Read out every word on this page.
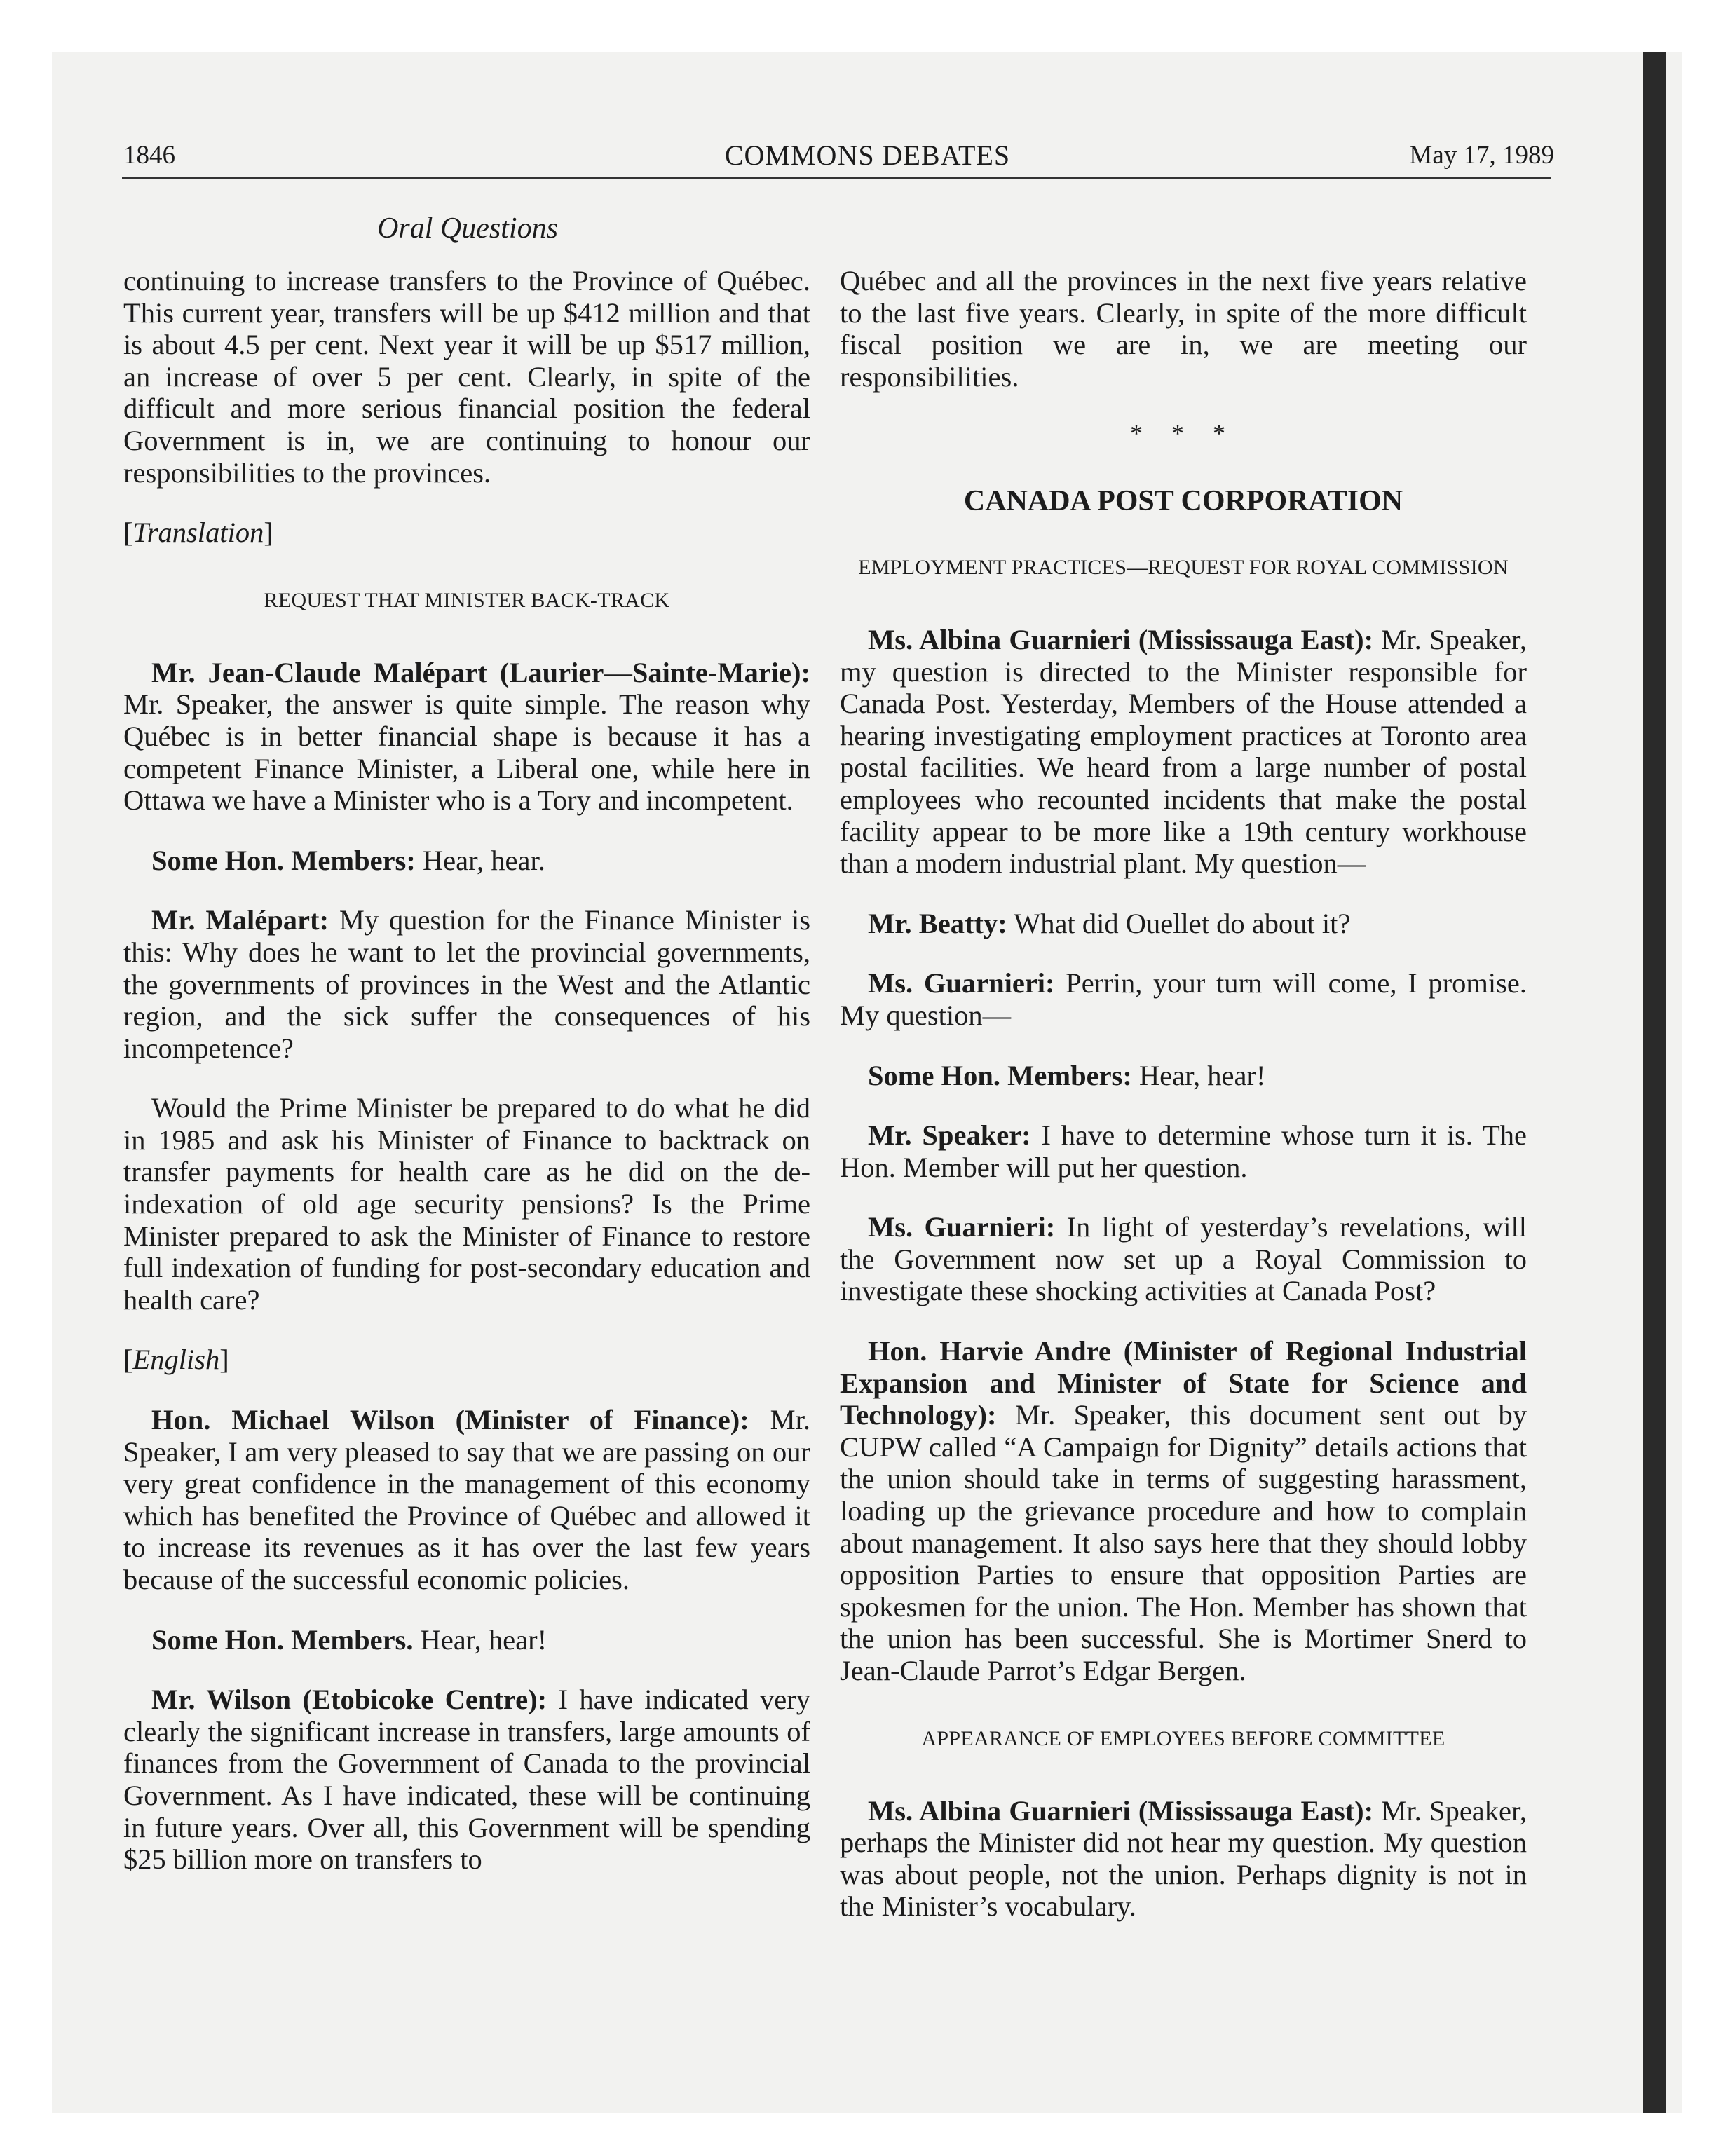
1846	COMMONS DEBATES	May 17, 1989
Oral Questions

continuing to increase transfers to the Province of Québec. This current year, transfers will be up $412 million and that is about 4.5 per cent. Next year it will be up $517 million, an increase of over 5 per cent. Clearly, in spite of the difficult and more serious financial position the federal Government is in, we are continuing to honour our responsibilities to the provinces.

[Translation]
REQUEST THAT MINISTER BACK-TRACK

Mr. Jean-Claude Malépart (Laurier—Sainte-Marie): Mr. Speaker, the answer is quite simple. The reason why Québec is in better financial shape is because it has a competent Finance Minister, a Liberal one, while here in Ottawa we have a Minister who is a Tory and incompetent.

Some Hon. Members: Hear, hear.

Mr. Malépart: My question for the Finance Minister is this: Why does he want to let the provincial governments, the governments of provinces in the West and the Atlantic region, and the sick suffer the consequences of his incompetence?

Would the Prime Minister be prepared to do what he did in 1985 and ask his Minister of Finance to backtrack on transfer payments for health care as he did on the de-indexation of old age security pensions? Is the Prime Minister prepared to ask the Minister of Finance to restore full indexation of funding for post-secondary education and health care?

[English]

Hon. Michael Wilson (Minister of Finance): Mr. Speaker, I am very pleased to say that we are passing on our very great confidence in the management of this economy which has benefited the Province of Québec and allowed it to increase its revenues as it has over the last few years because of the successful economic policies.

Some Hon. Members. Hear, hear!

Mr. Wilson (Etobicoke Centre): I have indicated very clearly the significant increase in transfers, large amounts of finances from the Government of Canada to the provincial Government. As I have indicated, these will be continuing in future years. Over all, this Government will be spending $25 billion more on transfers to

Québec and all the provinces in the next five years relative to the last five years. Clearly, in spite of the more difficult fiscal position we are in, we are meeting our responsibilities.

* * *
CANADA POST CORPORATION
EMPLOYMENT PRACTICES—REQUEST FOR ROYAL COMMISSION

Ms. Albina Guarnieri (Mississauga East): Mr. Speaker, my question is directed to the Minister responsible for Canada Post. Yesterday, Members of the House attended a hearing investigating employment practices at Toronto area postal facilities. We heard from a large number of postal employees who recounted incidents that make the postal facility appear to be more like a 19th century workhouse than a modern industrial plant. My question—

Mr. Beatty: What did Ouellet do about it?

Ms. Guarnieri: Perrin, your turn will come, I promise. My question—

Some Hon. Members: Hear, hear!

Mr. Speaker: I have to determine whose turn it is. The Hon. Member will put her question.

Ms. Guarnieri: In light of yesterday’s revelations, will the Government now set up a Royal Commission to investigate these shocking activities at Canada Post?

Hon. Harvie Andre (Minister of Regional Industrial Expansion and Minister of State for Science and Technology): Mr. Speaker, this document sent out by CUPW called “A Campaign for Dignity” details actions that the union should take in terms of suggesting harassment, loading up the grievance procedure and how to complain about management. It also says here that they should lobby opposition Parties to ensure that opposition Parties are spokesmen for the union. The Hon. Member has shown that the union has been successful. She is Mortimer Snerd to Jean-Claude Parrot’s Edgar Bergen.

APPEARANCE OF EMPLOYEES BEFORE COMMITTEE

Ms. Albina Guarnieri (Mississauga East): Mr. Speaker, perhaps the Minister did not hear my question. My question was about people, not the union. Perhaps dignity is not in the Minister’s vocabulary.
